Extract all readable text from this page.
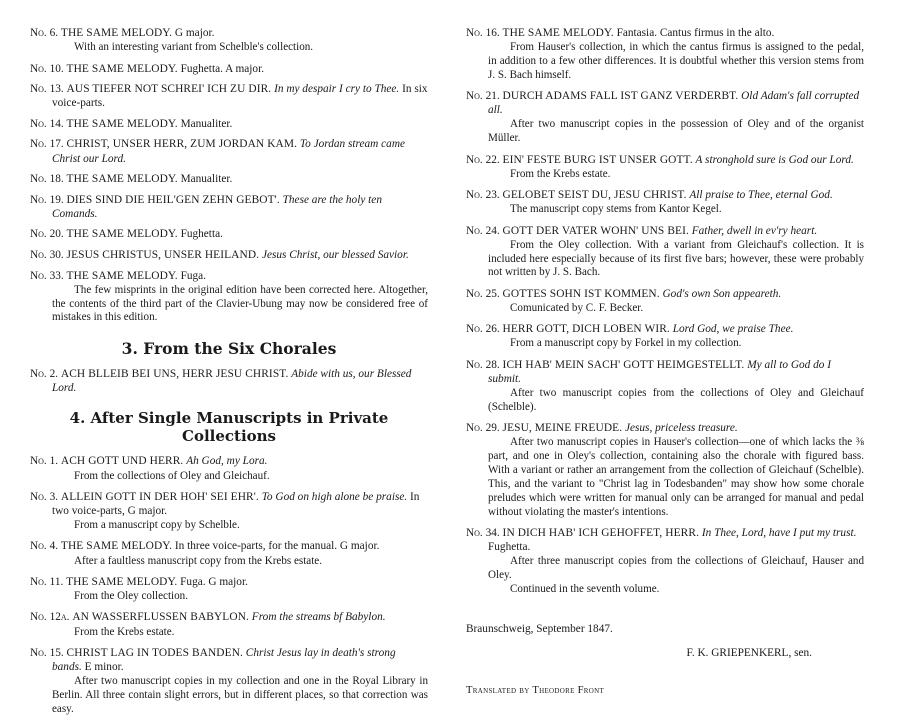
No. 6. THE SAME MELODY. G major.
With an interesting variant from Schelble's collection.
No. 10. THE SAME MELODY. Fughetta. A major.
No. 13. AUS TIEFER NOT SCHREI' ICH ZU DIR. In my despair I cry to Thee. In six voice-parts.
No. 14. THE SAME MELODY. Manualiter.
No. 17. CHRIST, UNSER HERR, ZUM JORDAN KAM. To Jordan stream came Christ our Lord.
No. 18. THE SAME MELODY. Manualiter.
No. 19. DIES SIND DIE HEIL'GEN ZEHN GEBOT'. These are the holy ten Comands.
No. 20. THE SAME MELODY. Fughetta.
No. 30. JESUS CHRISTUS, UNSER HEILAND. Jesus Christ, our blessed Savior.
No. 33. THE SAME MELODY. Fuga.
The few misprints in the original edition have been corrected here. Altogether, the contents of the third part of the Clavier-Ubung may now be considered free of mistakes in this edition.
3. From the Six Chorales
No. 2. ACH BLLEIB BEI UNS, HERR JESU CHRIST. Abide with us, our Blessed Lord.
4. After Single Manuscripts in Private Collections
No. 1. ACH GOTT UND HERR. Ah God, my Lora.
From the collections of Oley and Gleichauf.
No. 3. ALLEIN GOTT IN DER HOH' SEI EHR'. To God on high alone be praise. In two voice-parts, G major.
From a manuscript copy by Schelble.
No. 4. THE SAME MELODY. In three voice-parts, for the manual. G major.
After a faultless manuscript copy from the Krebs estate.
No. 11. THE SAME MELODY. Fuga. G major.
From the Oley collection.
No. 12a. AN WASSERFLUSSEN BABYLON. From the streams bf Babylon.
From the Krebs estate.
No. 15. CHRIST LAG IN TODES BANDEN. Christ Jesus lay in death's strong bands. E minor.
After two manuscript copies in my collection and one in the Royal Library in Berlin. All three contain slight errors, but in different places, so that correction was easy.
No. 16. THE SAME MELODY. Fantasia. Cantus firmus in the alto.
From Hauser's collection, in which the cantus firmus is assigned to the pedal, in addition to a few other differences. It is doubtful whether this version stems from J. S. Bach himself.
No. 21. DURCH ADAMS FALL IST GANZ VERDERBT. Old Adam's fall corrupted all.
After two manuscript copies in the possession of Oley and of the organist Müller.
No. 22. EIN' FESTE BURG IST UNSER GOTT. A stronghold sure is God our Lord.
From the Krebs estate.
No. 23. GELOBET SEIST DU, JESU CHRIST. All praise to Thee, eternal God.
The manuscript copy stems from Kantor Kegel.
No. 24. GOTT DER VATER WOHN' UNS BEI. Father, dwell in ev'ry heart.
From the Oley collection. With a variant from Gleichauf's collection. It is included here especially because of its first five bars; however, these were probably not written by J. S. Bach.
No. 25. GOTTES SOHN IST KOMMEN. God's own Son appeareth.
Comunicated by C. F. Becker.
No. 26. HERR GOTT, DICH LOBEN WIR. Lord God, we praise Thee.
From a manuscript copy by Forkel in my collection.
No. 28. ICH HAB' MEIN SACH' GOTT HEIMGESTELLT. My all to God do I submit.
After two manuscript copies from the collections of Oley and Gleichauf (Schelble).
No. 29. JESU, MEINE FREUDE. Jesus, priceless treasure.
After two manuscript copies in Hauser's collection—one of which lacks the ⅜ part, and one in Oley's collection, containing also the chorale with figured bass. With a variant or rather an arrangement from the collection of Gleichauf (Schelble). This, and the variant to "Christ lag in Todesbanden" may show how some chorale preludes which were written for manual only can be arranged for manual and pedal without violating the master's intentions.
No. 34. IN DICH HAB' ICH GEHOFFET, HERR. In Thee, Lord, have I put my trust. Fughetta.
After three manuscript copies from the collections of Gleichauf, Hauser and Oley.
Continued in the seventh volume.
Braunschweig, September 1847.
F. K. GRIEPENKERL, sen.
Translated by Theodore Front
